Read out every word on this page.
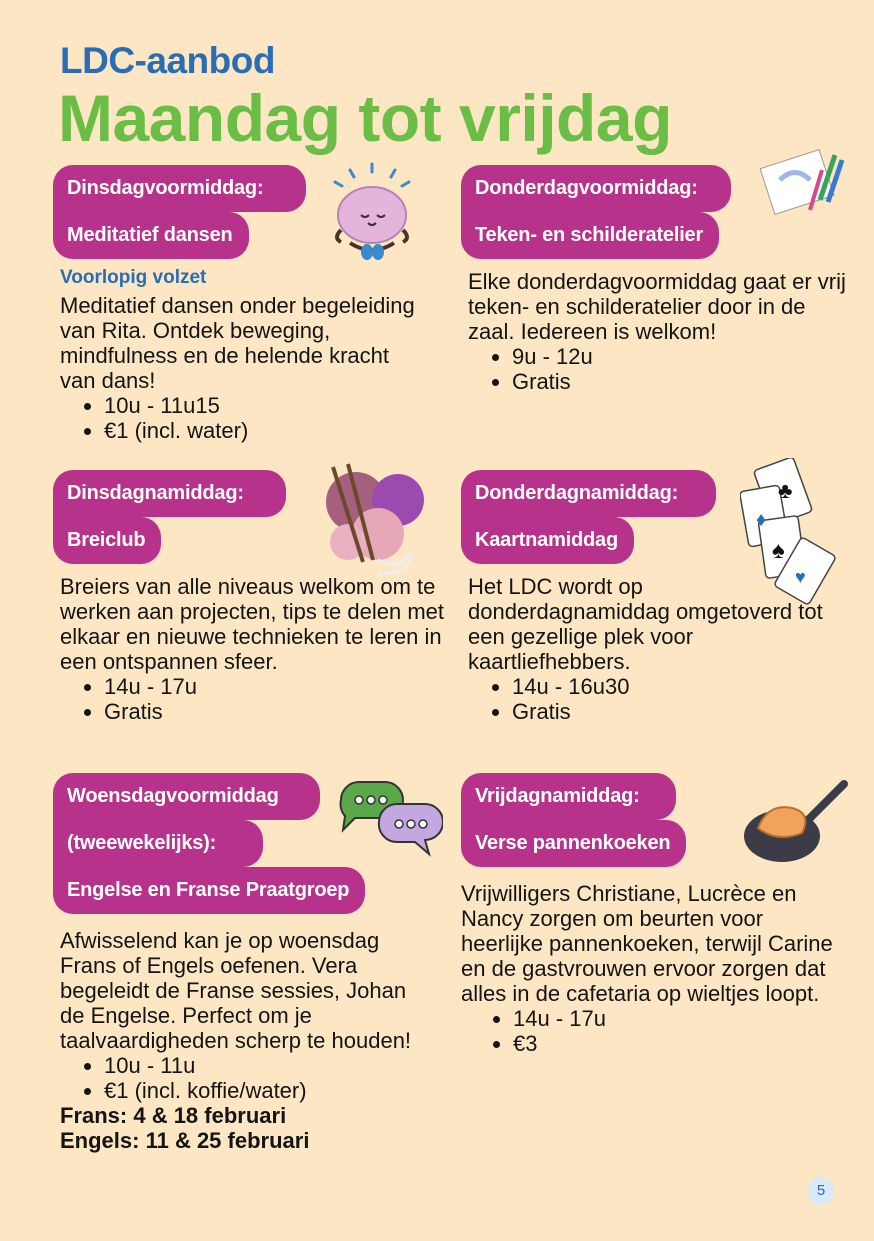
LDC-aanbod
Maandag tot vrijdag
Dinsdagvoormiddag:
Meditatief dansen
Voorlopig volzet
Meditatief dansen onder begeleiding van Rita. Ontdek beweging, mindfulness en de helende kracht van dans!
• 10u - 11u15
• €1 (incl. water)
Donderdagvoormiddag:
Teken- en schilderatelier
Elke donderdagvoormiddag gaat er vrij teken- en schilderatelier door in de zaal. Iedereen is welkom!
• 9u - 12u
• Gratis
Dinsdagnamiddag:
Breiclub
Breiers van alle niveaus welkom om te werken aan projecten, tips te delen met elkaar en nieuwe technieken te leren in een ontspannen sfeer.
• 14u - 17u
• Gratis
Donderdagnamiddag:
Kaartnamiddag
Het LDC wordt op donderdagnamiddag omgetoverd tot een gezellige plek voor kaartliefhebbers.
• 14u - 16u30
• Gratis
♣
♦
♠
♥
Woensdagvoormiddag
(tweewekelijks):
Engelse en Franse Praatgroep
Afwisselend kan je op woensdag Frans of Engels oefenen. Vera begeleidt de Franse sessies, Johan de Engelse. Perfect om je taalvaardigheden scherp te houden!
• 10u - 11u
• €1 (incl. koffie/water)
Frans: 4 & 18 februari
Engels: 11 & 25 februari
Vrijdagnamiddag:
Verse pannenkoeken
Vrijwilligers Christiane, Lucrèce en Nancy zorgen om beurten voor heerlijke pannenkoeken, terwijl Carine en de gastvrouwen ervoor zorgen dat alles in de cafetaria op wieltjes loopt.
• 14u - 17u
• €3
5
